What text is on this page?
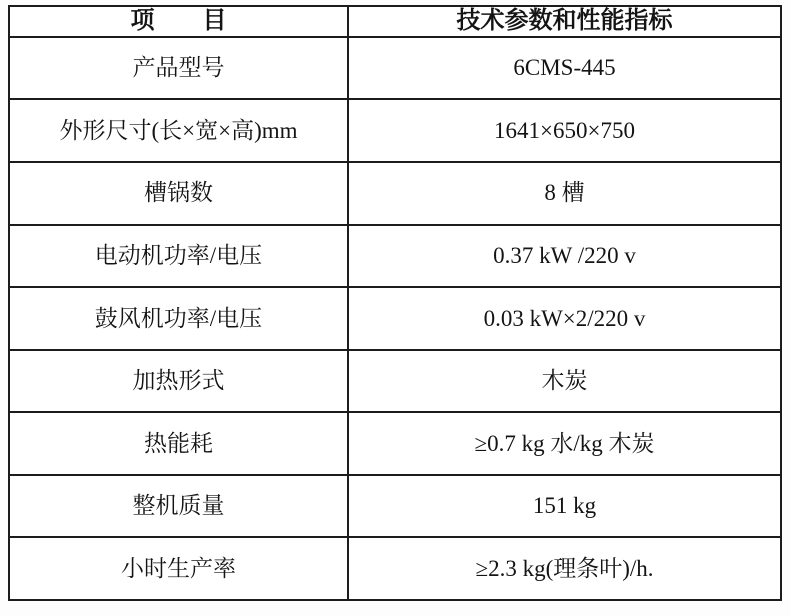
项　　目	技术参数和性能指标
产品型号	6CMS-445
外形尺寸(长×宽×高)mm	1641×650×750
槽锅数	8 槽
电动机功率/电压	0.37 kW /220 v
鼓风机功率/电压	0.03 kW×2/220 v
加热形式	木炭
热能耗	≥0.7 kg 水/kg 木炭
整机质量	151 kg
小时生产率	≥2.3 kg(理条叶)/h.
